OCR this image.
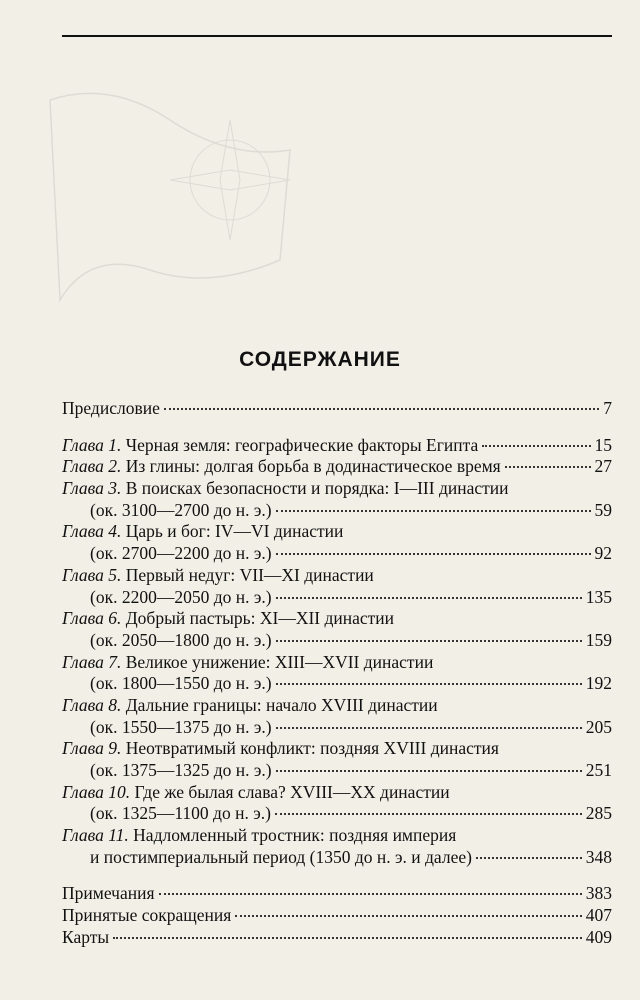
СОДЕРЖАНИЕ
Предисловие	7
Глава 1. Черная земля: географические факторы Египта	15
Глава 2. Из глины: долгая борьба в додинастическое время	27
Глава 3. В поисках безопасности и порядка: I—III династии
(ок. 3100—2700 до н. э.)	59
Глава 4. Царь и бог: IV—VI династии
(ок. 2700—2200 до н. э.)	92
Глава 5. Первый недуг: VII—XI династии
(ок. 2200—2050 до н. э.)	135
Глава 6. Добрый пастырь: XI—XII династии
(ок. 2050—1800 до н. э.)	159
Глава 7. Великое унижение: XIII—XVII династии
(ок. 1800—1550 до н. э.)	192
Глава 8. Дальние границы: начало XVIII династии
(ок. 1550—1375 до н. э.)	205
Глава 9. Неотвратимый конфликт: поздняя XVIII династия
(ок. 1375—1325 до н. э.)	251
Глава 10. Где же былая слава? XVIII—XX династии
(ок. 1325—1100 до н. э.)	285
Глава 11. Надломленный тростник: поздняя империя
и постимпериальный период (1350 до н. э. и далее)	348
Примечания	383
Принятые сокращения	407
Карты	409
